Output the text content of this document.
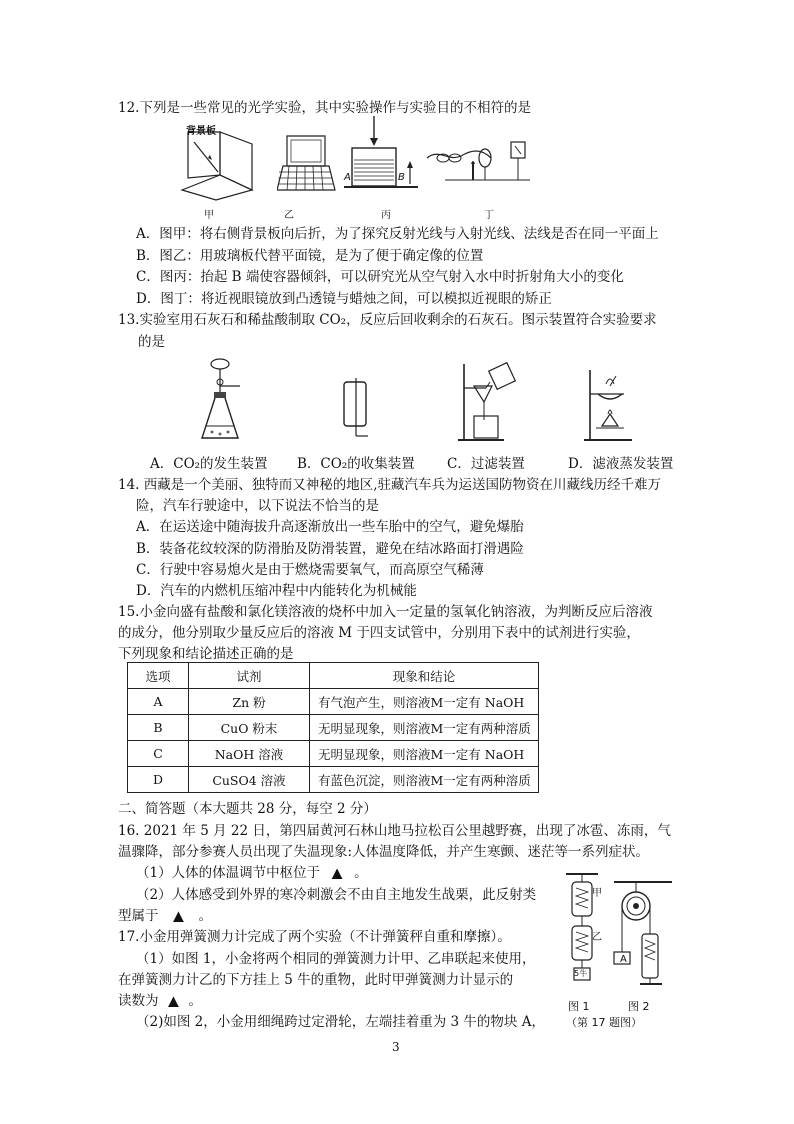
12.下列是一些常见的光学实验，其中实验操作与实验目的不相符的是
背景板
A	B
甲	乙	丙	丁
A．图甲：将右侧背景板向后折，为了探究反射光线与入射光线、法线是否在同一平面上
B．图乙：用玻璃板代替平面镜，是为了便于确定像的位置
C．图丙：抬起 B 端使容器倾斜，可以研究光从空气射入水中时折射角大小的变化
D．图丁：将近视眼镜放到凸透镜与蜡烛之间，可以模拟近视眼的矫正
13.实验室用石灰石和稀盐酸制取 CO₂，反应后回收剩余的石灰石。图示装置符合实验要求
的是
A．CO₂的发生装置 B．CO₂的收集装置 C．过滤装置	D．滤液蒸发装置
14. 西藏是一个美丽、独特而又神秘的地区,驻藏汽车兵为运送国防物资在川藏线历经千难万
险，汽车行驶途中，以下说法不恰当的是
A．在运送途中随海拔升高逐渐放出一些车胎中的空气，避免爆胎
B．装备花纹较深的防滑胎及防滑装置，避免在结冰路面打滑遇险
C．行驶中容易熄火是由于燃烧需要氧气，而高原空气稀薄
D．汽车的内燃机压缩冲程中内能转化为机械能
15.小金向盛有盐酸和氯化镁溶液的烧杯中加入一定量的氢氧化钠溶液，为判断反应后溶液
的成分，他分别取少量反应后的溶液 M 于四支试管中，分别用下表中的试剂进行实验，
下列现象和结论描述正确的是
选项	试剂	现象和结论
A	Zn 粉	有气泡产生，则溶液M一定有 NaOH
B	CuO 粉末	无明显现象，则溶液M一定有两种溶质
C	NaOH 溶液	无明显现象，则溶液M一定有 NaOH
D	CuSO4 溶液	有蓝色沉淀，则溶液M一定有两种溶质
二、简答题（本大题共 28 分，每空 2 分）
16. 2021 年 5 月 22 日，第四届黄河石林山地马拉松百公里越野赛，出现了冰雹、冻雨，气
温骤降，部分参赛人员出现了失温现象:人体温度降低，并产生寒颤、迷茫等一系列症状。
（1）人体的体温调节中枢位于 ▲ 。
（2）人体感受到外界的寒冷刺激会不由自主地发生战栗，此反射类
型属于 ▲ 。
17.小金用弹簧测力计完成了两个实验（不计弹簧秤自重和摩擦）。
（1）如图 1，小金将两个相同的弹簧测力计甲、乙串联起来使用，
在弹簧测力计乙的下方挂上 5 牛的重物，此时甲弹簧测力计显示的
读数为 ▲ 。
（2)如图 2，小金用细绳跨过定滑轮，左端挂着重为 3 牛的物块 A，
甲
乙
5牛
A
图 1	图 2
（第 17 题图）
3
